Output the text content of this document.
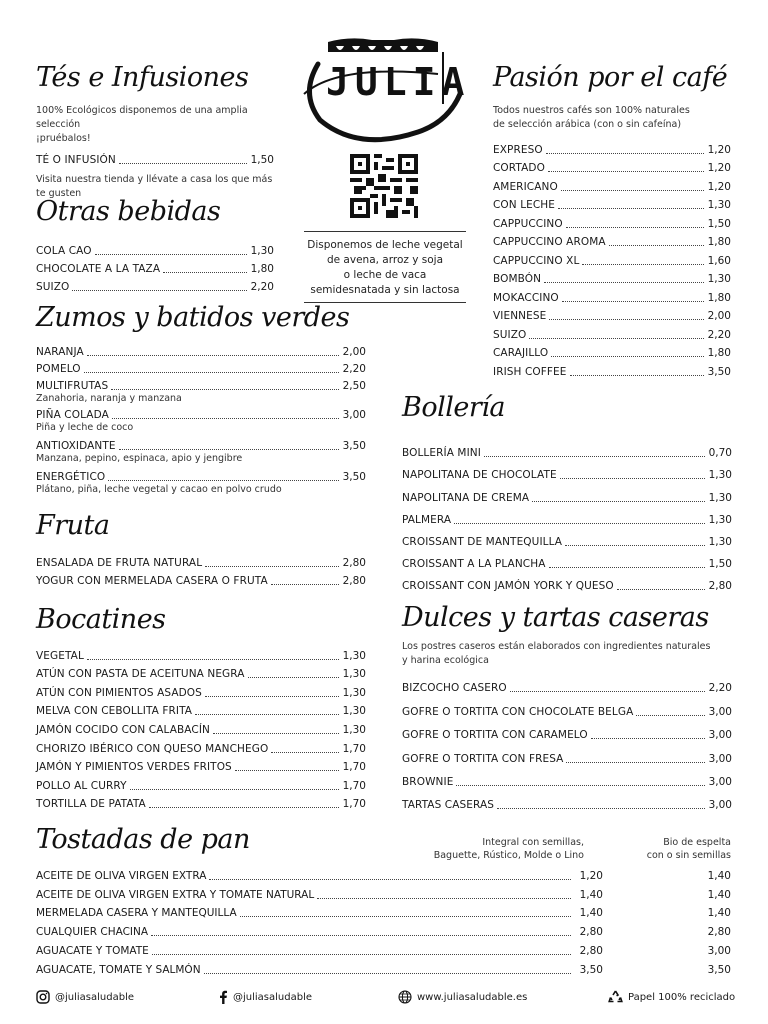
JULIA
Disponemos de leche vegetal
de avena, arroz y soja
o leche de vaca
semidesnatada y sin lactosa
Tés e Infusiones
100% Ecológicos disponemos de una amplia selección
¡pruébalos!
TÉ O INFUSIÓN	1,50
Visita nuestra tienda y llévate a casa los que más te gusten
Otras bebidas
COLA CAO	1,30
CHOCOLATE A LA TAZA	1,80
SUIZO	2,20
Zumos y batidos verdes
NARANJA	2,00
POMELO	2,20
MULTIFRUTAS	2,50
Zanahoria, naranja y manzana
PIÑA COLADA	3,00
Piña y leche de coco
ANTIOXIDANTE	3,50
Manzana, pepino, espinaca, apio y jengibre
ENERGÉTICO	3,50
Plátano, piña, leche vegetal y cacao en polvo crudo
Fruta
ENSALADA DE FRUTA NATURAL	2,80
YOGUR CON MERMELADA CASERA O FRUTA	2,80
Bocatines
VEGETAL	1,30
ATÚN CON PASTA DE ACEITUNA NEGRA	1,30
ATÚN CON PIMIENTOS ASADOS	1,30
MELVA CON CEBOLLITA FRITA	1,30
JAMÓN COCIDO CON CALABACÍN	1,30
CHORIZO IBÉRICO CON QUESO MANCHEGO	1,70
JAMÓN Y PIMIENTOS VERDES FRITOS	1,70
POLLO AL CURRY	1,70
TORTILLA DE PATATA	1,70
Pasión por el café
Todos nuestros cafés son 100% naturales
de selección arábica (con o sin cafeína)
EXPRESO	1,20
CORTADO	1,20
AMERICANO	1,20
CON LECHE	1,30
CAPPUCCINO	1,50
CAPPUCCINO AROMA	1,80
CAPPUCCINO XL	1,60
BOMBÓN	1,30
MOKACCINO	1,80
VIENNESE	2,00
SUIZO	2,20
CARAJILLO	1,80
IRISH COFFEE	3,50
Bollería
BOLLERÍA MINI	0,70
NAPOLITANA DE CHOCOLATE	1,30
NAPOLITANA DE CREMA	1,30
PALMERA	1,30
CROISSANT DE MANTEQUILLA	1,30
CROISSANT A LA PLANCHA	1,50
CROISSANT CON JAMÓN YORK Y QUESO	2,80
Dulces y tartas caseras
Los postres caseros están elaborados con ingredientes naturales
y harina ecológica
BIZCOCHO CASERO	2,20
GOFRE O TORTITA CON CHOCOLATE BELGA	3,00
GOFRE O TORTITA CON CARAMELO	3,00
GOFRE O TORTITA CON FRESA	3,00
BROWNIE	3,00
TARTAS CASERAS	3,00
Tostadas de pan	Integral con semillas,
Baguette, Rústico, Molde o Lino
Bio de espelta
con o sin semillas
ACEITE DE OLIVA VIRGEN EXTRA	1,20	1,40
ACEITE DE OLIVA VIRGEN EXTRA Y TOMATE NATURAL	1,40	1,40
MERMELADA CASERA Y MANTEQUILLA	1,40	1,40
CUALQUIER CHACINA	2,80	2,80
AGUACATE Y TOMATE	2,80	3,00
AGUACATE, TOMATE Y SALMÓN	3,50	3,50
@juliasaludable	@juliasaludable	www.juliasaludable.es	Papel 100% reciclado
